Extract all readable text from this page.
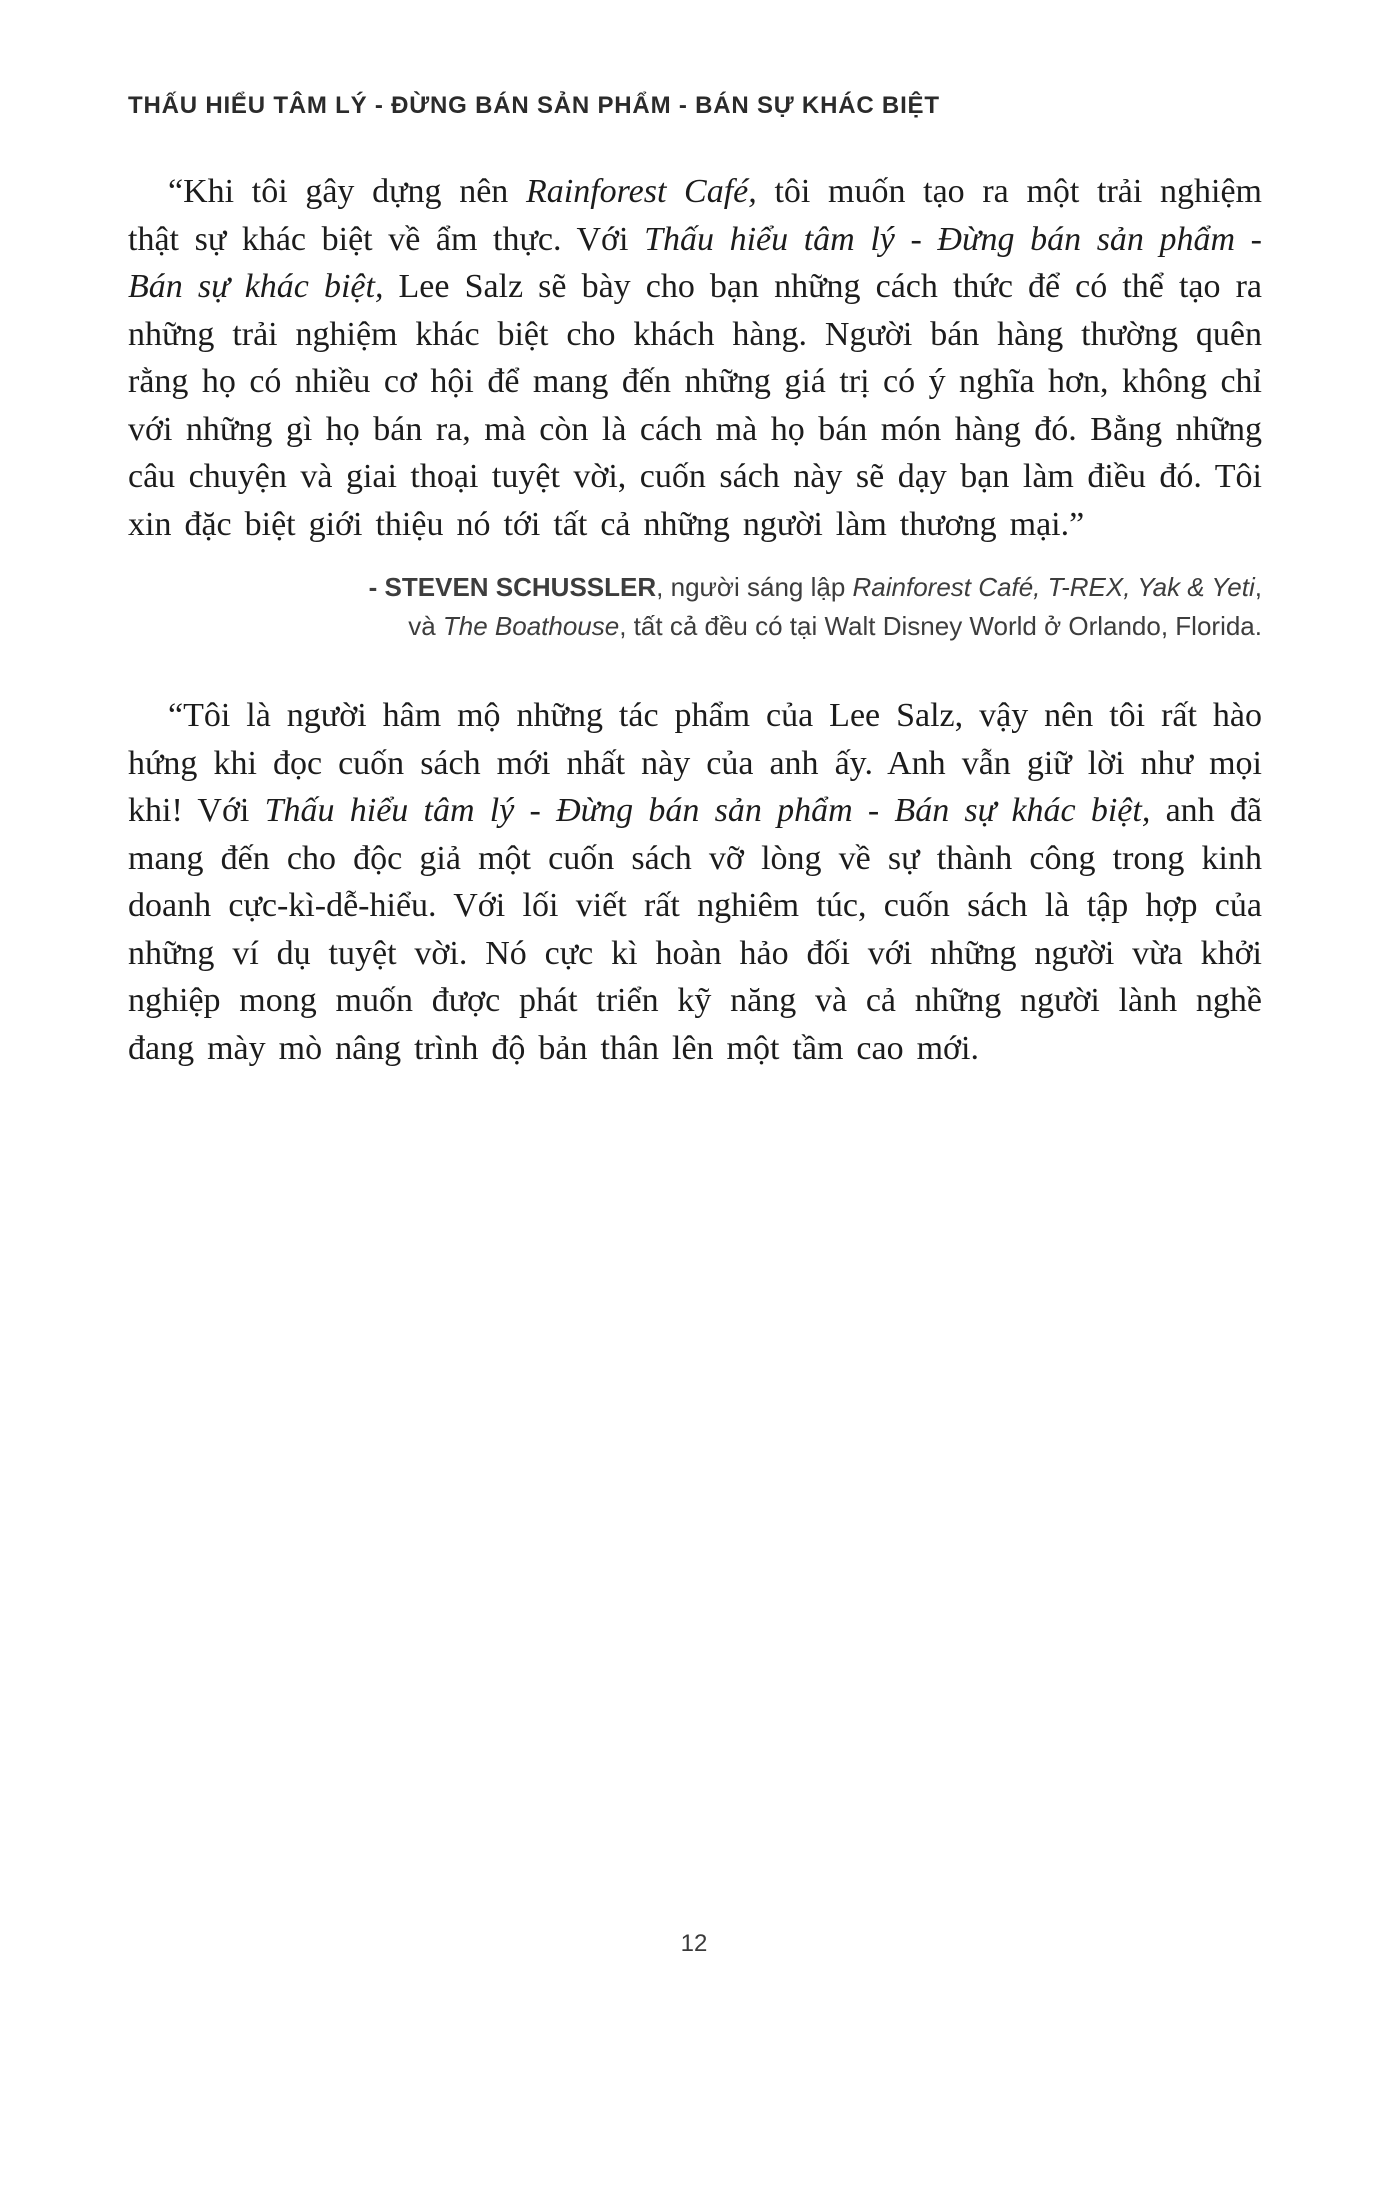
THẤU HIỂU TÂM LÝ - ĐỪNG BÁN SẢN PHẨM - BÁN SỰ KHÁC BIỆT

“Khi tôi gây dựng nên Rainforest Café, tôi muốn tạo ra một trải nghiệm thật sự khác biệt về ẩm thực. Với Thấu hiểu tâm lý - Đừng bán sản phẩm - Bán sự khác biệt, Lee Salz sẽ bày cho bạn những cách thức để có thể tạo ra những trải nghiệm khác biệt cho khách hàng. Người bán hàng thường quên rằng họ có nhiều cơ hội để mang đến những giá trị có ý nghĩa hơn, không chỉ với những gì họ bán ra, mà còn là cách mà họ bán món hàng đó. Bằng những câu chuyện và giai thoại tuyệt vời, cuốn sách này sẽ dạy bạn làm điều đó. Tôi xin đặc biệt giới thiệu nó tới tất cả những người làm thương mại.”

- STEVEN SCHUSSLER, người sáng lập Rainforest Café, T-REX, Yak & Yeti, và The Boathouse, tất cả đều có tại Walt Disney World ở Orlando, Florida.

“Tôi là người hâm mộ những tác phẩm của Lee Salz, vậy nên tôi rất hào hứng khi đọc cuốn sách mới nhất này của anh ấy. Anh vẫn giữ lời như mọi khi! Với Thấu hiểu tâm lý - Đừng bán sản phẩm - Bán sự khác biệt, anh đã mang đến cho độc giả một cuốn sách vỡ lòng về sự thành công trong kinh doanh cực-kì-dễ-hiểu. Với lối viết rất nghiêm túc, cuốn sách là tập hợp của những ví dụ tuyệt vời. Nó cực kì hoàn hảo đối với những người vừa khởi nghiệp mong muốn được phát triển kỹ năng và cả những người lành nghề đang mày mò nâng trình độ bản thân lên một tầm cao mới.

12
